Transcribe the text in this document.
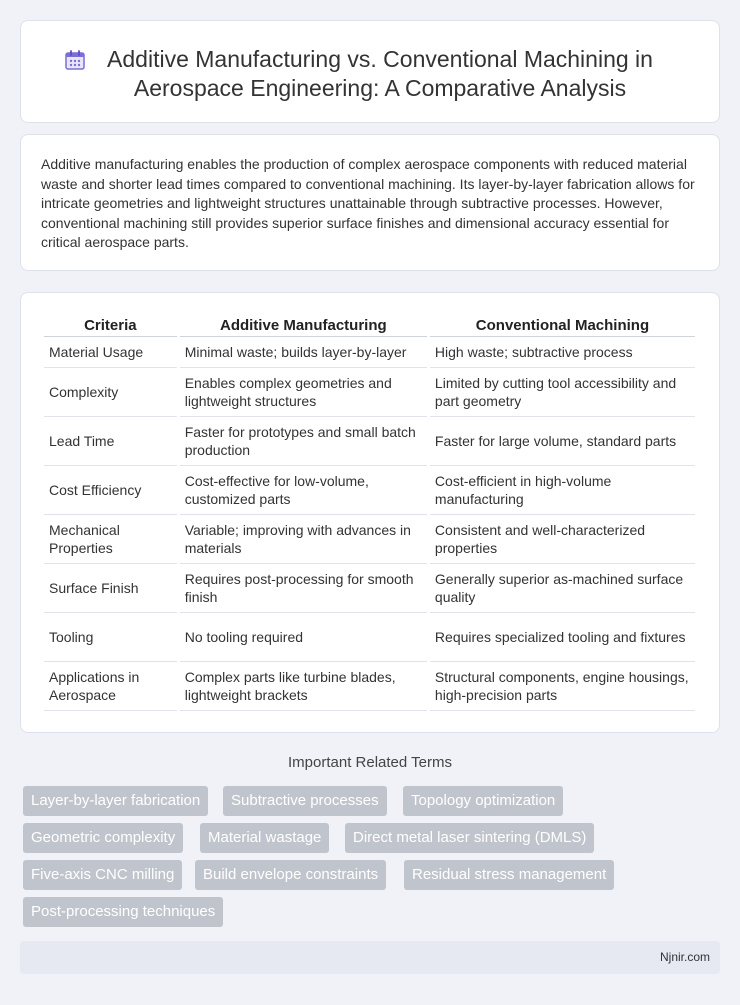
Additive Manufacturing vs. Conventional Machining in Aerospace Engineering: A Comparative Analysis

Additive manufacturing enables the production of complex aerospace components with reduced material waste and shorter lead times compared to conventional machining. Its layer-by-layer fabrication allows for intricate geometries and lightweight structures unattainable through subtractive processes. However, conventional machining still provides superior surface finishes and dimensional accuracy essential for critical aerospace parts.

Criteria	Additive Manufacturing	Conventional Machining
Material Usage	Minimal waste; builds layer-by-layer	High waste; subtractive process
Complexity	Enables complex geometries and lightweight structures	Limited by cutting tool accessibility and part geometry
Lead Time	Faster for prototypes and small batch production	Faster for large volume, standard parts
Cost Efficiency	Cost-effective for low-volume, customized parts	Cost-efficient in high-volume manufacturing
Mechanical Properties	Variable; improving with advances in materials	Consistent and well-characterized properties
Surface Finish	Requires post-processing for smooth finish	Generally superior as-machined surface quality
Tooling	No tooling required	Requires specialized tooling and fixtures
Applications in Aerospace	Complex parts like turbine blades, lightweight brackets	Structural components, engine housings, high-precision parts
Important Related Terms
Layer-by-layer fabrication	Subtractive processes	Topology optimization
Geometric complexity	Material wastage	Direct metal laser sintering (DMLS)
Five-axis CNC milling	Build envelope constraints	Residual stress management
Post-processing techniques
Njnir.com
